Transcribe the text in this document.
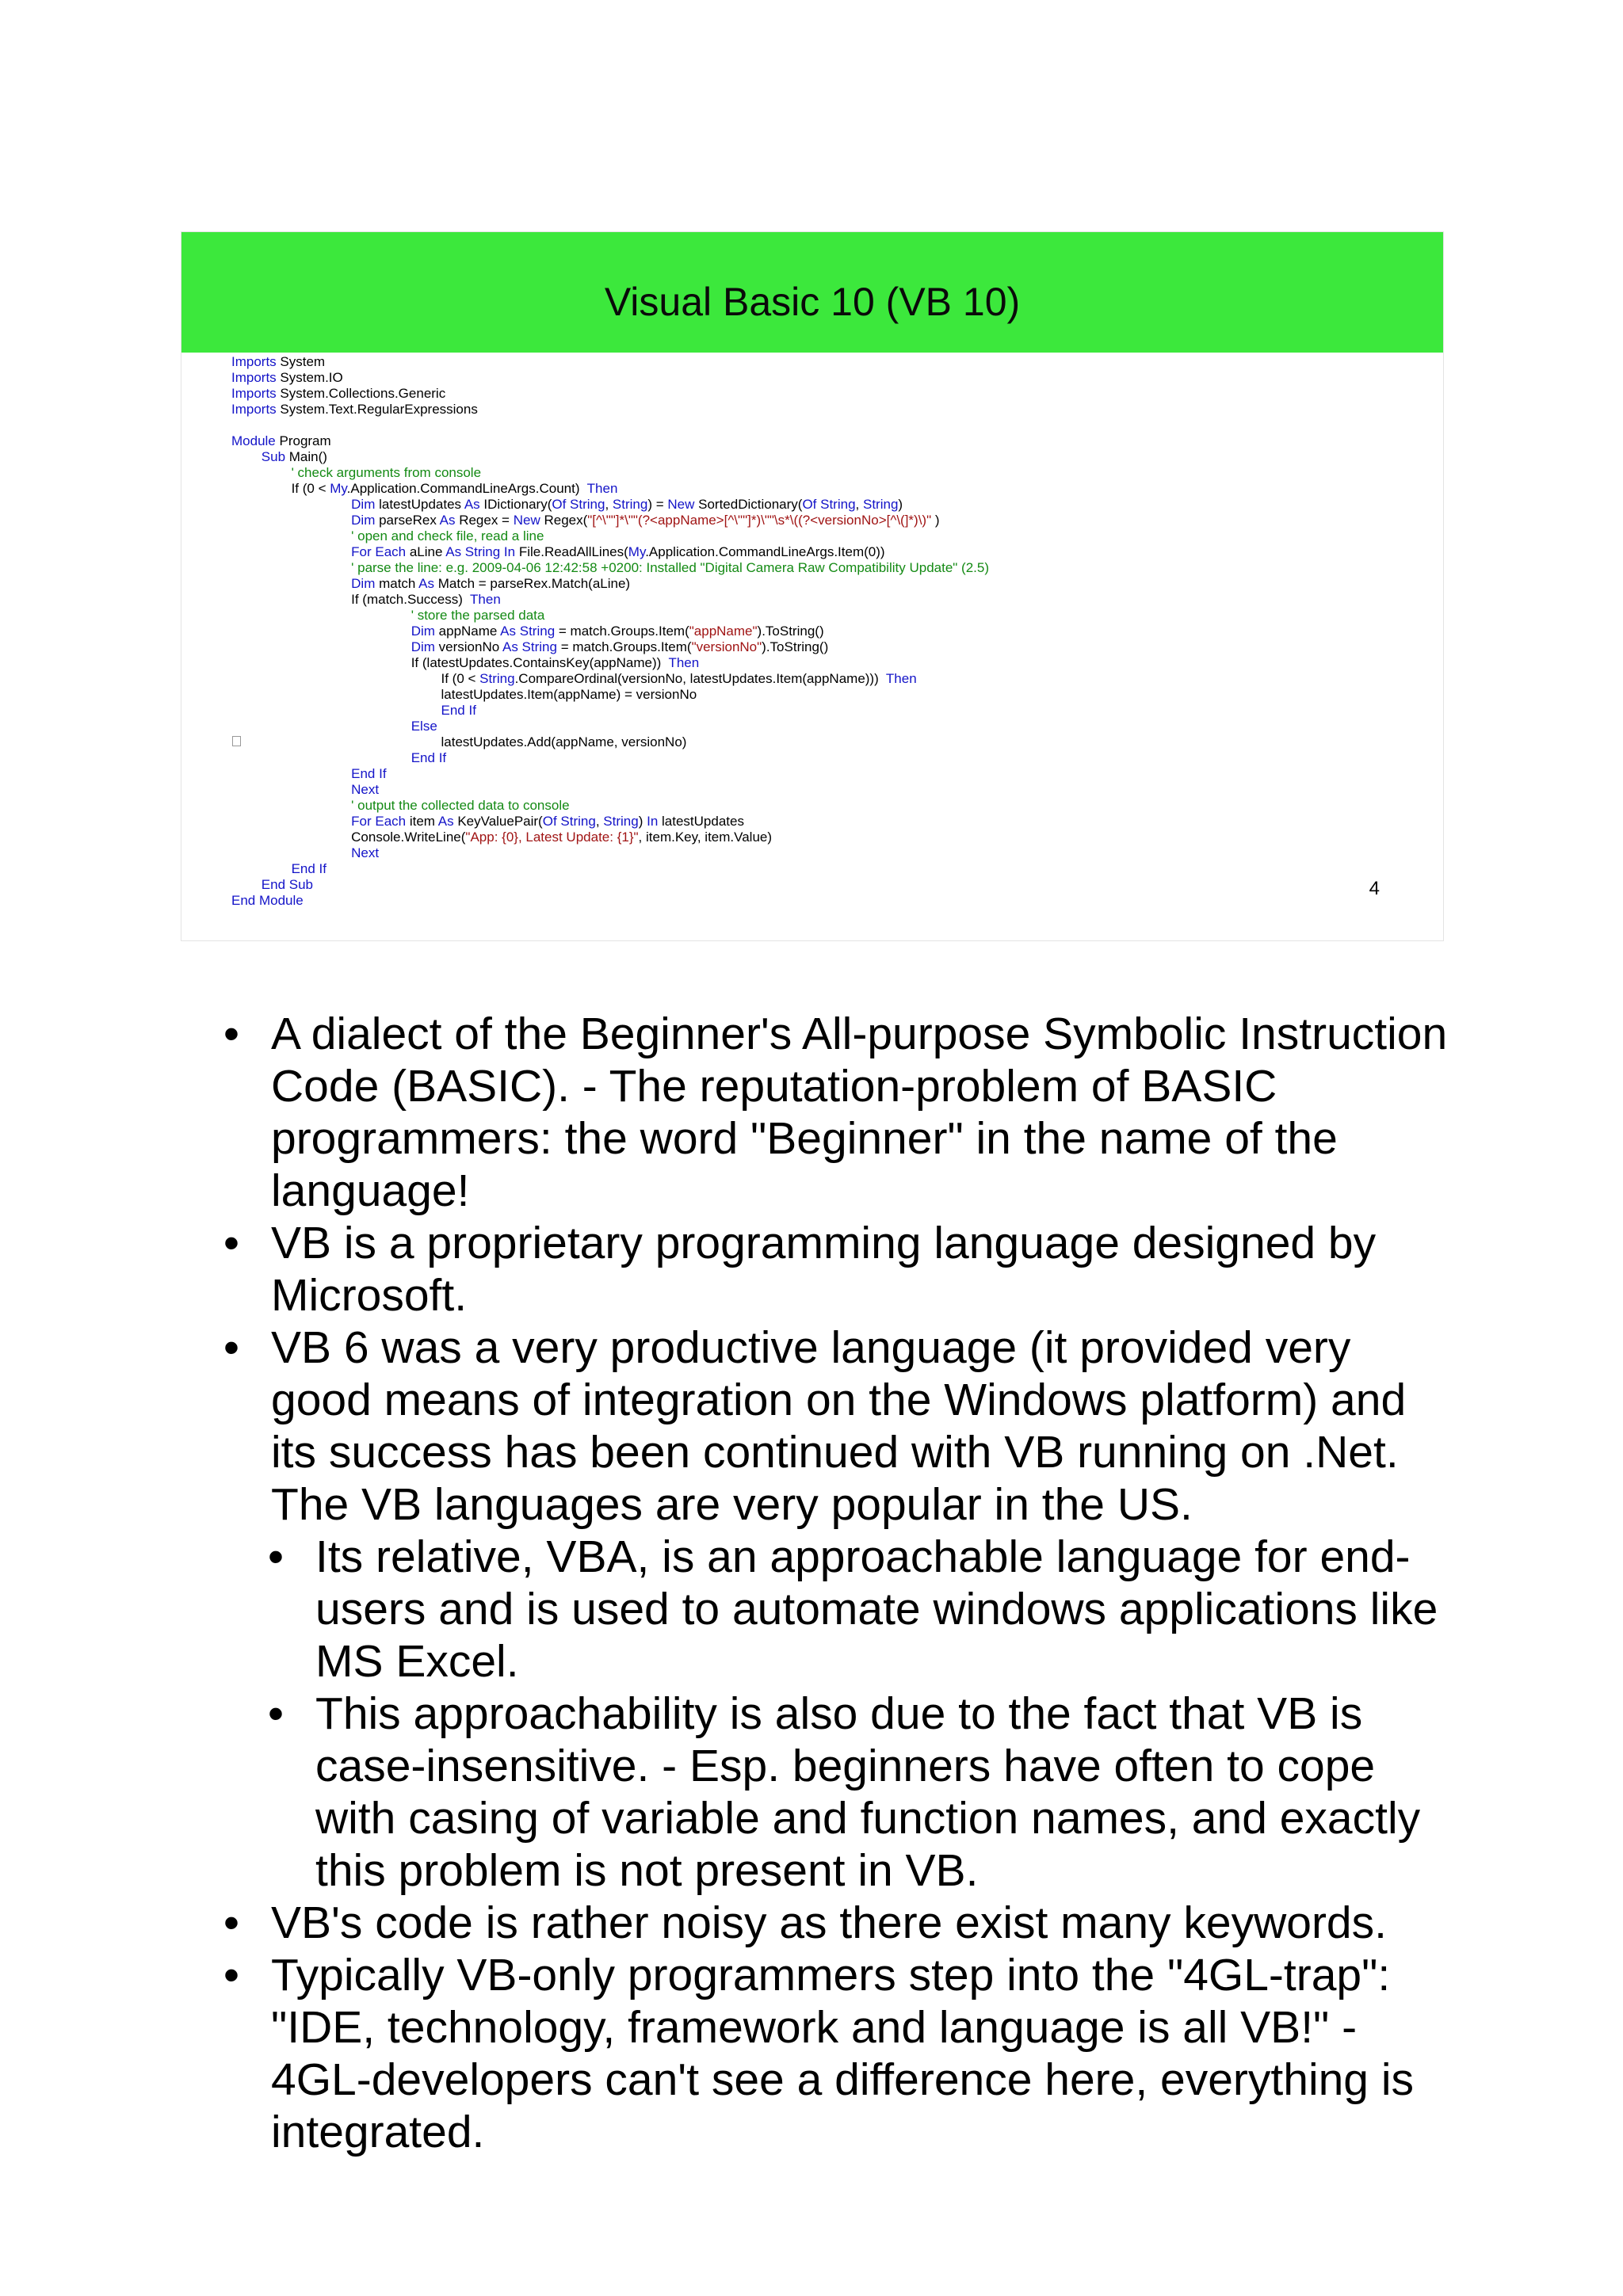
Visual Basic 10 (VB 10)
Imports System
Imports System.IO
Imports System.Collections.Generic
Imports System.Text.RegularExpressions
Module Program
Sub Main()
' check arguments from console
If (0 < My.Application.CommandLineArgs.Count)  Then
Dim latestUpdates As IDictionary(Of String, String) = New SortedDictionary(Of String, String)
Dim parseRex As Regex = New Regex("[^\""]*\""(?<appName>[^\""]*)\""\s*\((?<versionNo>[^\(]*)\)" )
' open and check file, read a line
For Each aLine As String In File.ReadAllLines(My.Application.CommandLineArgs.Item(0))
' parse the line: e.g. 2009-04-06 12:42:58 +0200: Installed "Digital Camera Raw Compatibility Update" (2.5)
Dim match As Match = parseRex.Match(aLine)
If (match.Success)  Then
' store the parsed data
Dim appName As String = match.Groups.Item("appName").ToString()
Dim versionNo As String = match.Groups.Item("versionNo").ToString()
If (latestUpdates.ContainsKey(appName))  Then
If (0 < String.CompareOrdinal(versionNo, latestUpdates.Item(appName)))  Then
latestUpdates.Item(appName) = versionNo
End If
Else
latestUpdates.Add(appName, versionNo)
End If
End If
Next
' output the collected data to console
For Each item As KeyValuePair(Of String, String) In latestUpdates
Console.WriteLine("App: {0}, Latest Update: {1}", item.Key, item.Value)
Next
End If
End Sub
End Module
4
• A dialect of the Beginner's All-purpose Symbolic Instruction Code (BASIC). - The reputation-problem of BASIC programmers: the word "Beginner" in the name of the language!
• VB is a proprietary programming language designed by Microsoft.
• VB 6 was a very productive language (it provided very good means of integration on the Windows platform) and its success has been continued with VB running on .Net. The VB languages are very popular in the US.
• Its relative, VBA, is an approachable language for end-users and is used to automate windows applications like MS Excel.
• This approachability is also due to the fact that VB is case-insensitive. - Esp. beginners have often to cope with casing of variable and function names, and exactly this problem is not present in VB.
• VB's code is rather noisy as there exist many keywords.
• Typically VB-only programmers step into the "4GL-trap": "IDE, technology, framework and language is all VB!" - 4GL-developers can't see a difference here, everything is integrated.
